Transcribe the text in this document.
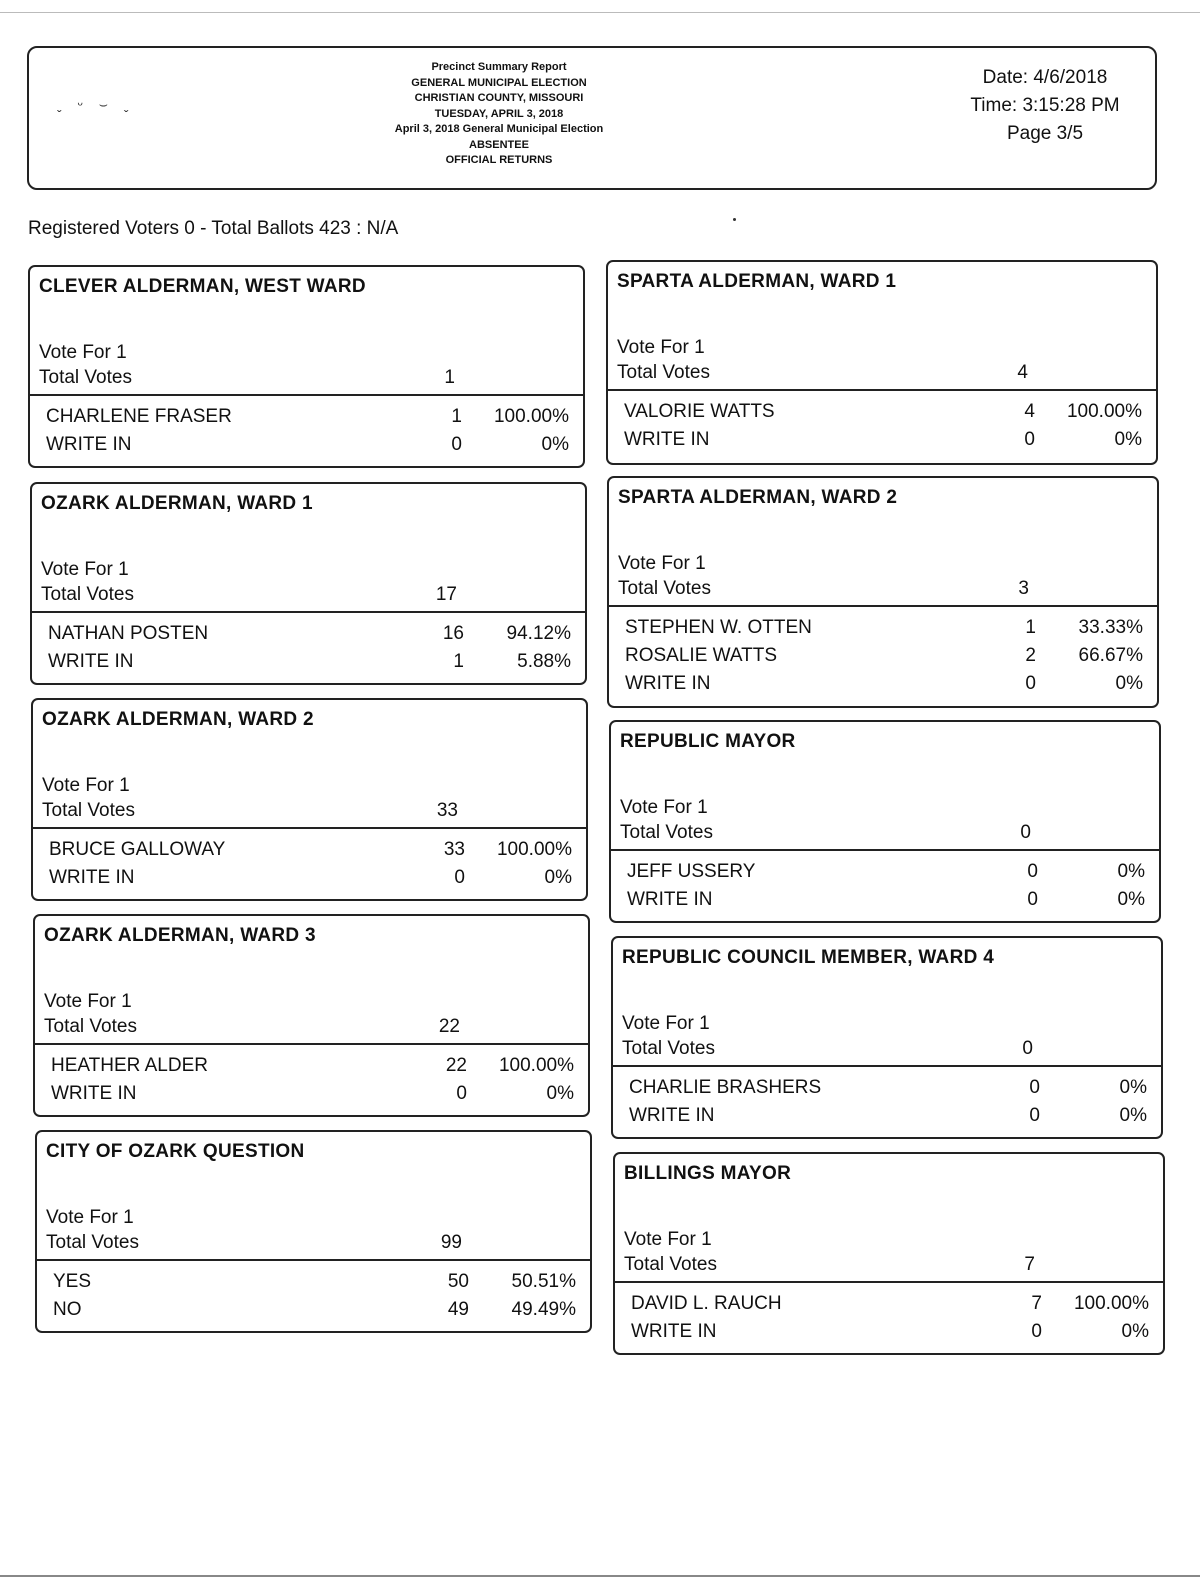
ˬ ᵕ ⌣ ˬ
Precinct Summary Report
GENERAL MUNICIPAL ELECTION
CHRISTIAN COUNTY, MISSOURI
TUESDAY, APRIL 3, 2018
April 3, 2018 General Municipal Election
ABSENTEE
OFFICIAL RETURNS
Date: 4/6/2018
Time: 3:15:28 PM
Page 3/5
Registered Voters 0 - Total Ballots 423 : N/A
CLEVER ALDERMAN, WEST WARD
Vote For 1
Total Votes	1
CHARLENE FRASER	1	100.00%
WRITE IN	0	0%
OZARK ALDERMAN, WARD 1
Vote For 1
Total Votes	17
NATHAN POSTEN	16	94.12%
WRITE IN	1	5.88%
OZARK ALDERMAN, WARD 2
Vote For 1
Total Votes	33
BRUCE GALLOWAY	33	100.00%
WRITE IN	0	0%
OZARK ALDERMAN, WARD 3
Vote For 1
Total Votes	22
HEATHER ALDER	22	100.00%
WRITE IN	0	0%
CITY OF OZARK QUESTION
Vote For 1
Total Votes	99
YES	50	50.51%
NO	49	49.49%
SPARTA ALDERMAN, WARD 1
Vote For 1
Total Votes	4
VALORIE WATTS	4	100.00%
WRITE IN	0	0%
SPARTA ALDERMAN, WARD 2
Vote For 1
Total Votes	3
STEPHEN W. OTTEN	1	33.33%
ROSALIE WATTS	2	66.67%
WRITE IN	0	0%
REPUBLIC MAYOR
Vote For 1
Total Votes	0
JEFF USSERY	0	0%
WRITE IN	0	0%
REPUBLIC COUNCIL MEMBER, WARD 4
Vote For 1
Total Votes	0
CHARLIE BRASHERS	0	0%
WRITE IN	0	0%
BILLINGS MAYOR
Vote For 1
Total Votes	7
DAVID L. RAUCH	7	100.00%
WRITE IN	0	0%
